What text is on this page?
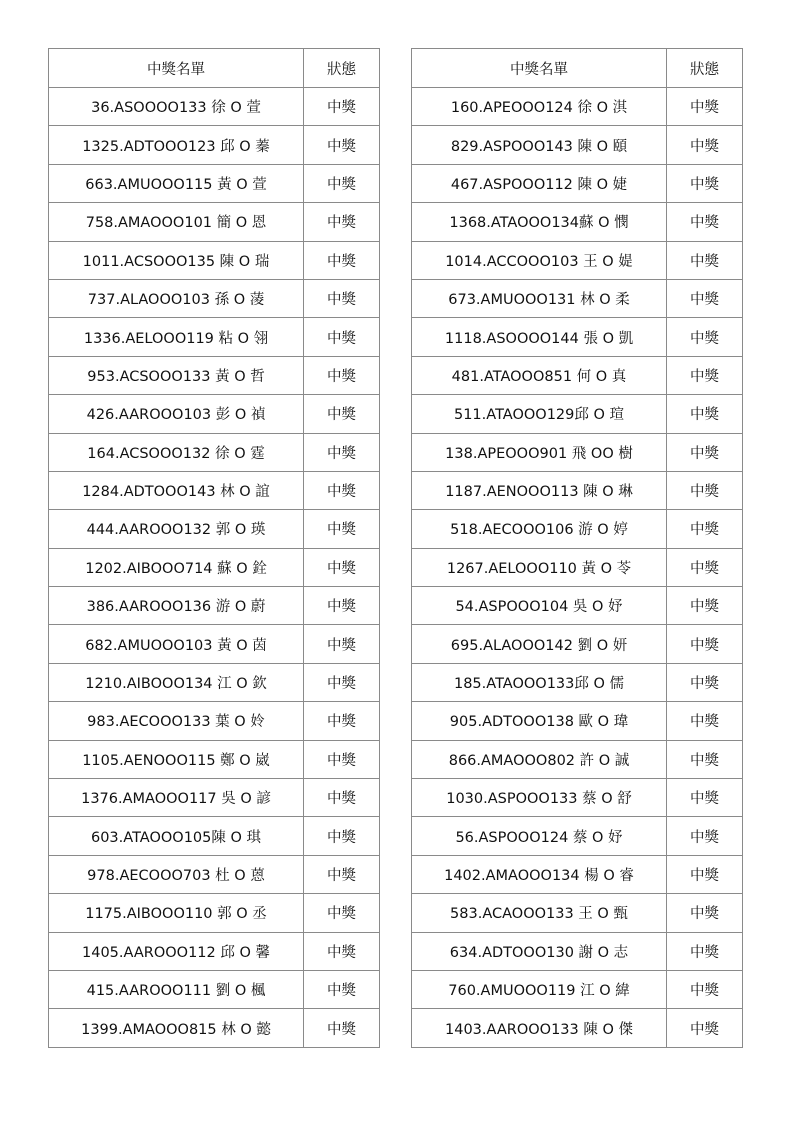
中獎名單	狀態
36.ASOOOO133 徐 O 萱	中獎
1325.ADTOOO123 邱 O 蓁	中獎
663.AMUOOO115 黃 O 萱	中獎
758.AMAOOO101 簡 O 恩	中獎
1011.ACSOOO135 陳 O 瑞	中獎
737.ALAOOO103 孫 O 蓤	中獎
1336.AELOOO119 粘 O 翎	中獎
953.ACSOOO133 黃 O 哲	中獎
426.AAROOO103 彭 O 禎	中獎
164.ACSOOO132 徐 O 霆	中獎
1284.ADTOOO143 林 O 誼	中獎
444.AAROOO132 郭 O 瑛	中獎
1202.AIBOOO714 蘇 O 銓	中獎
386.AAROOO136 游 O 蔚	中獎
682.AMUOOO103 黃 O 茵	中獎
1210.AIBOOO134 江 O 欽	中獎
983.AECOOO133 葉 O 姈	中獎
1105.AENOOO115 鄭 O 崴	中獎
1376.AMAOOO117 吳 O 諺	中獎
603.ATAOOO105陳 O 琪	中獎
978.AECOOO703 杜 O 蒽	中獎
1175.AIBOOO110 郭 O 丞	中獎
1405.AAROOO112 邱 O 馨	中獎
415.AAROOO111 劉 O 楓	中獎
1399.AMAOOO815 林 O 懿	中獎
中獎名單	狀態
160.APEOOO124 徐 O 淇	中獎
829.ASPOOO143 陳 O 頤	中獎
467.ASPOOO112 陳 O 婕	中獎
1368.ATAOOO134蘇 O 憫	中獎
1014.ACCOOO103 王 O 媞	中獎
673.AMUOOO131 林 O 柔	中獎
1118.ASOOOO144 張 O 凱	中獎
481.ATAOOO851 何 O 真	中獎
511.ATAOOO129邱 O 瑄	中獎
138.APEOOO901 飛 OO 樹	中獎
1187.AENOOO113 陳 O 琳	中獎
518.AECOOO106 游 O 婷	中獎
1267.AELOOO110 黃 O 苓	中獎
54.ASPOOO104 吳 O 妤	中獎
695.ALAOOO142 劉 O 妍	中獎
185.ATAOOO133邱 O 儒	中獎
905.ADTOOO138 歐 O 瑋	中獎
866.AMAOOO802 許 O 誠	中獎
1030.ASPOOO133 蔡 O 舒	中獎
56.ASPOOO124 蔡 O 妤	中獎
1402.AMAOOO134 楊 O 睿	中獎
583.ACAOOO133 王 O 甄	中獎
634.ADTOOO130 謝 O 志	中獎
760.AMUOOO119 江 O 緯	中獎
1403.AAROOO133 陳 O 傑	中獎
